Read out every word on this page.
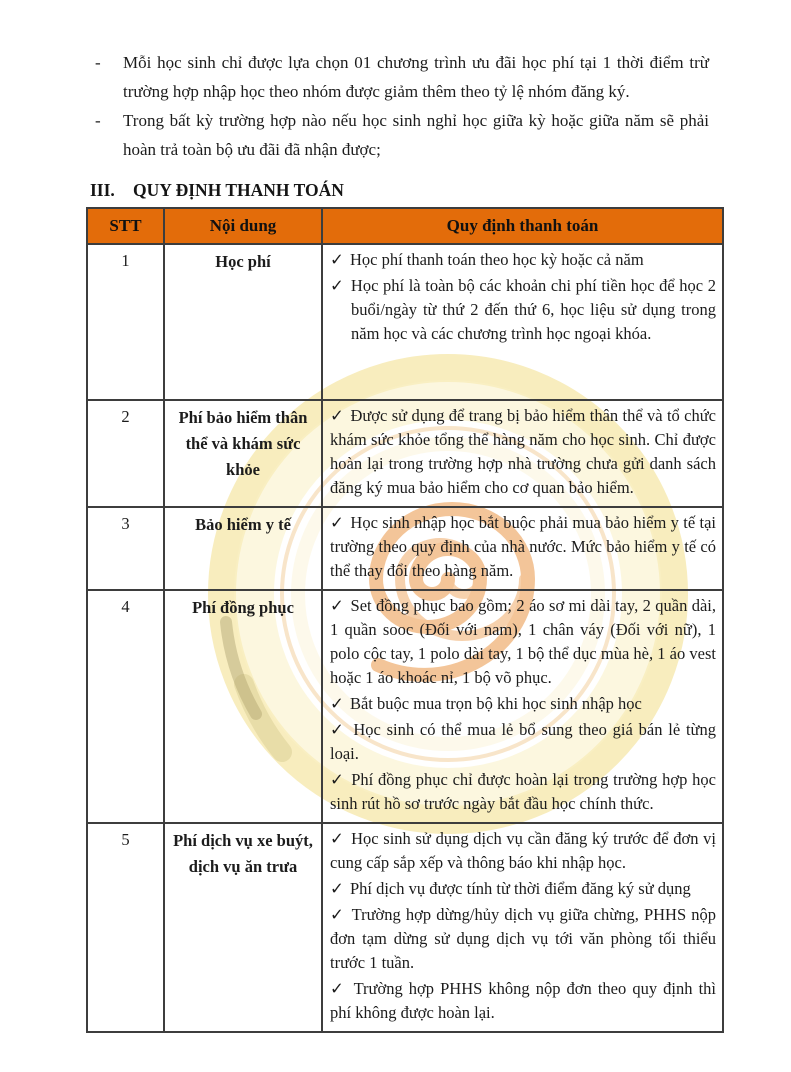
-	Mỗi học sinh chỉ được lựa chọn 01 chương trình ưu đãi học phí tại 1 thời điểm trừ trường hợp nhập học theo nhóm được giảm thêm theo tỷ lệ nhóm đăng ký.
-	Trong bất kỳ trường hợp nào nếu học sinh nghỉ học giữa kỳ hoặc giữa năm sẽ phải hoàn trả toàn bộ ưu đãi đã nhận được;
III. QUY ĐỊNH THANH TOÁN
STT	Nội dung	Quy định thanh toán
1	Học phí	✓ Học phí thanh toán theo học kỳ hoặc cả năm

✓ Học phí là toàn bộ các khoản chi phí tiền học để học 2 buổi/ngày từ thứ 2 đến thứ 6, học liệu sử dụng trong năm học và các chương trình học ngoại khóa.

2	Phí bảo hiểm thân thể và khám sức khỏe	✓ Được sử dụng để trang bị bảo hiểm thân thể và tổ chức khám sức khỏe tổng thể hàng năm cho học sinh. Chỉ được hoàn lại trong trường hợp nhà trường chưa gửi danh sách đăng ký mua bảo hiểm cho cơ quan bảo hiểm.

3	Bảo hiểm y tế	✓ Học sinh nhập học bắt buộc phải mua bảo hiểm y tế tại trường theo quy định của nhà nước. Mức bảo hiểm y tế có thể thay đổi theo hàng năm.

4	Phí đồng phục	✓ Set đồng phục bao gồm; 2 áo sơ mi dài tay, 2 quần dài, 1 quần sooc (Đối với nam), 1 chân váy (Đối với nữ), 1 polo cộc tay, 1 polo dài tay, 1 bộ thể dục mùa hè, 1 áo vest hoặc 1 áo khoác nỉ, 1 bộ võ phục.

✓ Bắt buộc mua trọn bộ khi học sinh nhập học

✓ Học sinh có thể mua lẻ bổ sung theo giá bán lẻ từng loại.

✓ Phí đồng phục chỉ được hoàn lại trong trường hợp học sinh rút hồ sơ trước ngày bắt đầu học chính thức.

5	Phí dịch vụ xe buýt, dịch vụ ăn trưa	✓ Học sinh sử dụng dịch vụ cần đăng ký trước để đơn vị cung cấp sắp xếp và thông báo khi nhập học.

✓ Phí dịch vụ được tính từ thời điểm đăng ký sử dụng

✓ Trường hợp dừng/hủy dịch vụ giữa chừng, PHHS nộp đơn tạm dừng sử dụng dịch vụ tới văn phòng tối thiểu trước 1 tuần.

✓ Trường hợp PHHS không nộp đơn theo quy định thì phí không được hoàn lại.
